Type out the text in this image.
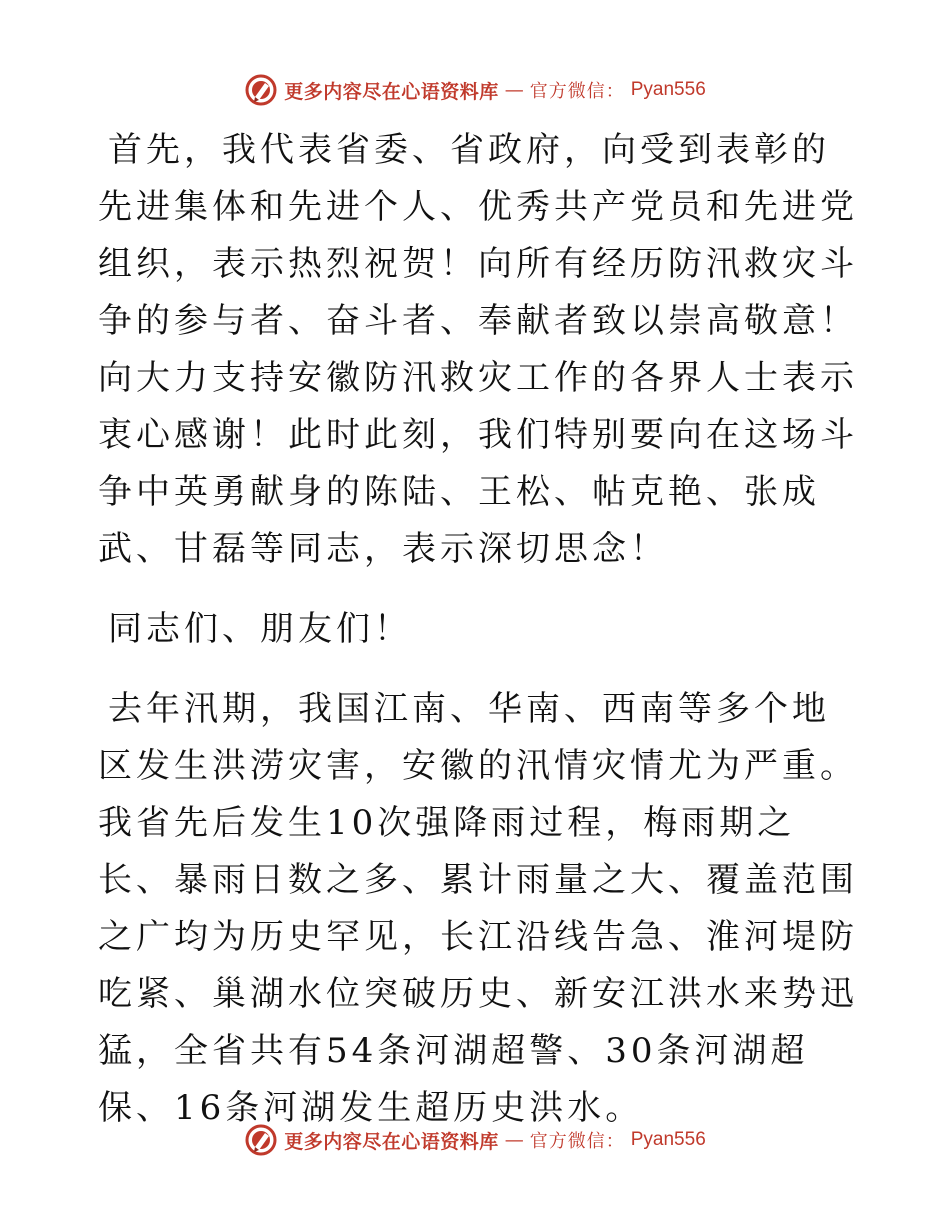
更多内容尽在心语资料库 — 官方微信： Pyan556

首先，我代表省委、省政府，向受到表彰的先进集体和先进个人、优秀共产党员和先进党组织，表示热烈祝贺！向所有经历防汛救灾斗争的参与者、奋斗者、奉献者致以崇高敬意！向大力支持安徽防汛救灾工作的各界人士表示衷心感谢！此时此刻，我们特别要向在这场斗争中英勇献身的陈陆、王松、帖克艳、张成武、甘磊等同志，表示深切思念！

同志们、朋友们！

去年汛期，我国江南、华南、西南等多个地区发生洪涝灾害，安徽的汛情灾情尤为严重。我省先后发生10次强降雨过程，梅雨期之长、暴雨日数之多、累计雨量之大、覆盖范围之广均为历史罕见，长江沿线告急、淮河堤防吃紧、巢湖水位突破历史、新安江洪水来势迅猛，全省共有54条河湖超警、30条河湖超保、16条河湖发生超历史洪水。

更多内容尽在心语资料库 — 官方微信： Pyan556
